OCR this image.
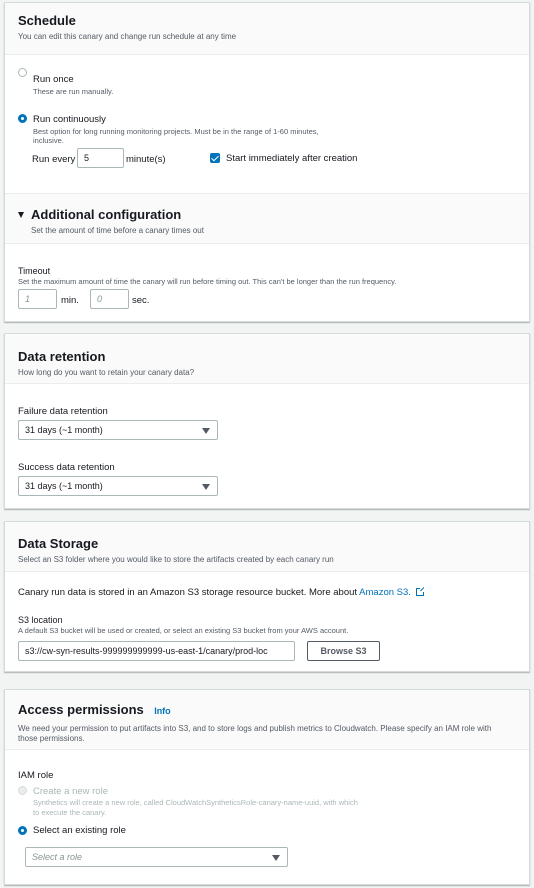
Schedule
You can edit this canary and change run schedule at any time
Run once
These are run manually.
Run continuously
Best option for long running monitoring projects. Must be in the range of 1-60 minutes,
inclusive.
Run every 5	minute(s)	Start immediately after creation
Additional configuration
Set the amount of time before a canary times out
Timeout
Set the maximum amount of time the canary will run before timing out. This can't be longer than the run frequency.
1	min.	0	sec.
Data retention
How long do you want to retain your canary data?
Failure data retention
31 days (~1 month)
Success data retention
31 days (~1 month)
Data Storage
Select an S3 folder where you would like to store the artifacts created by each canary run
Canary run data is stored in an Amazon S3 storage resource bucket. More about Amazon S3.
S3 location
A default S3 bucket will be used or created, or select an existing S3 bucket from your AWS account.
s3://cw-syn-results-999999999999-us-east-1/canary/prod-loc	Browse S3
Access permissions Info
We need your permission to put artifacts into S3, and to store logs and publish metrics to Cloudwatch. Please specify an IAM role with
those permissions.
IAM role
Create a new role
Synthetics will create a new role, called CloudWatchSyntheticsRole-canary-name-uuid, with which
to execute the canary.
Select an existing role
Select a role
